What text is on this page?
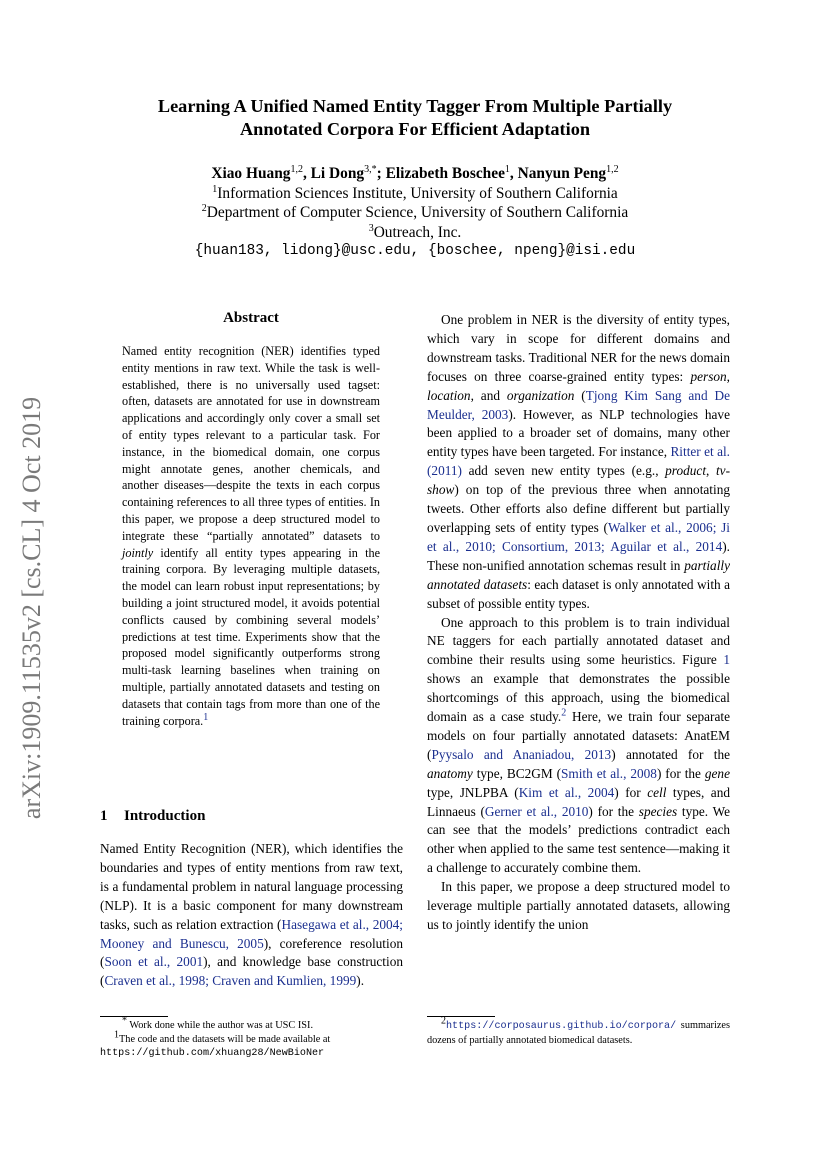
arXiv:1909.11535v2 [cs.CL] 4 Oct 2019
Learning A Unified Named Entity Tagger From Multiple Partially
Annotated Corpora For Efficient Adaptation
Xiao Huang$^{1,2}$, Li Dong$^{3,*}$; Elizabeth Boschee$^1$, Nanyun Peng$^{1,2}$
$^1$Information Sciences Institute, University of Southern California
$^2$Department of Computer Science, University of Southern California
$^3$Outreach, Inc.
{huan183, lidong}@usc.edu, {boschee, npeng}@isi.edu
Abstract

Named entity recognition (NER) identifies typed entity mentions in raw text. While the task is well-established, there is no universally used tagset: often, datasets are annotated for use in downstream applications and accordingly only cover a small set of entity types relevant to a particular task. For instance, in the biomedical domain, one corpus might annotate genes, another chemicals, and another diseases—despite the texts in each corpus containing references to all three types of entities. In this paper, we propose a deep structured model to integrate these “partially annotated” datasets to jointly identify all entity types appearing in the training corpora. By leveraging multiple datasets, the model can learn robust input representations; by building a joint structured model, it avoids potential conflicts caused by combining several models’ predictions at test time. Experiments show that the proposed model significantly outperforms strong multi-task learning baselines when training on multiple, partially annotated datasets and testing on datasets that contain tags from more than one of the training corpora.$^1$

1 Introduction

Named Entity Recognition (NER), which identifies the boundaries and types of entity mentions from raw text, is a fundamental problem in natural language processing (NLP). It is a basic component for many downstream tasks, such as relation extraction (Hasegawa et al., 2004; Mooney and Bunescu, 2005), coreference resolution (Soon et al., 2001), and knowledge base construction (Craven et al., 1998; Craven and Kumlien, 1999).

One problem in NER is the diversity of entity types, which vary in scope for different domains and downstream tasks. Traditional NER for the news domain focuses on three coarse-grained entity types: person, location, and organization (Tjong Kim Sang and De Meulder, 2003). However, as NLP technologies have been applied to a broader set of domains, many other entity types have been targeted. For instance, Ritter et al. (2011) add seven new entity types (e.g., product, tv-show) on top of the previous three when annotating tweets. Other efforts also define different but partially overlapping sets of entity types (Walker et al., 2006; Ji et al., 2010; Consortium, 2013; Aguilar et al., 2014). These non-unified annotation schemas result in partially annotated datasets: each dataset is only annotated with a subset of possible entity types.

One approach to this problem is to train individual NE taggers for each partially annotated dataset and combine their results using some heuristics. Figure 1 shows an example that demonstrates the possible shortcomings of this approach, using the biomedical domain as a case study.$^2$ Here, we train four separate models on four partially annotated datasets: AnatEM (Pyysalo and Ananiadou, 2013) annotated for the anatomy type, BC2GM (Smith et al., 2008) for the gene type, JNLPBA (Kim et al., 2004) for cell types, and Linnaeus (Gerner et al., 2010) for the species type. We can see that the models’ predictions contradict each other when applied to the same test sentence—making it a challenge to accurately combine them.

In this paper, we propose a deep structured model to leverage multiple partially annotated datasets, allowing us to jointly identify the union

* Work done while the author was at USC ISI.
$^1$The code and the datasets will be made available at
https://github.com/xhuang28/NewBioNer
$^2$https://corposaurus.github.io/corpora/ summarizes dozens of partially annotated biomedical datasets.
